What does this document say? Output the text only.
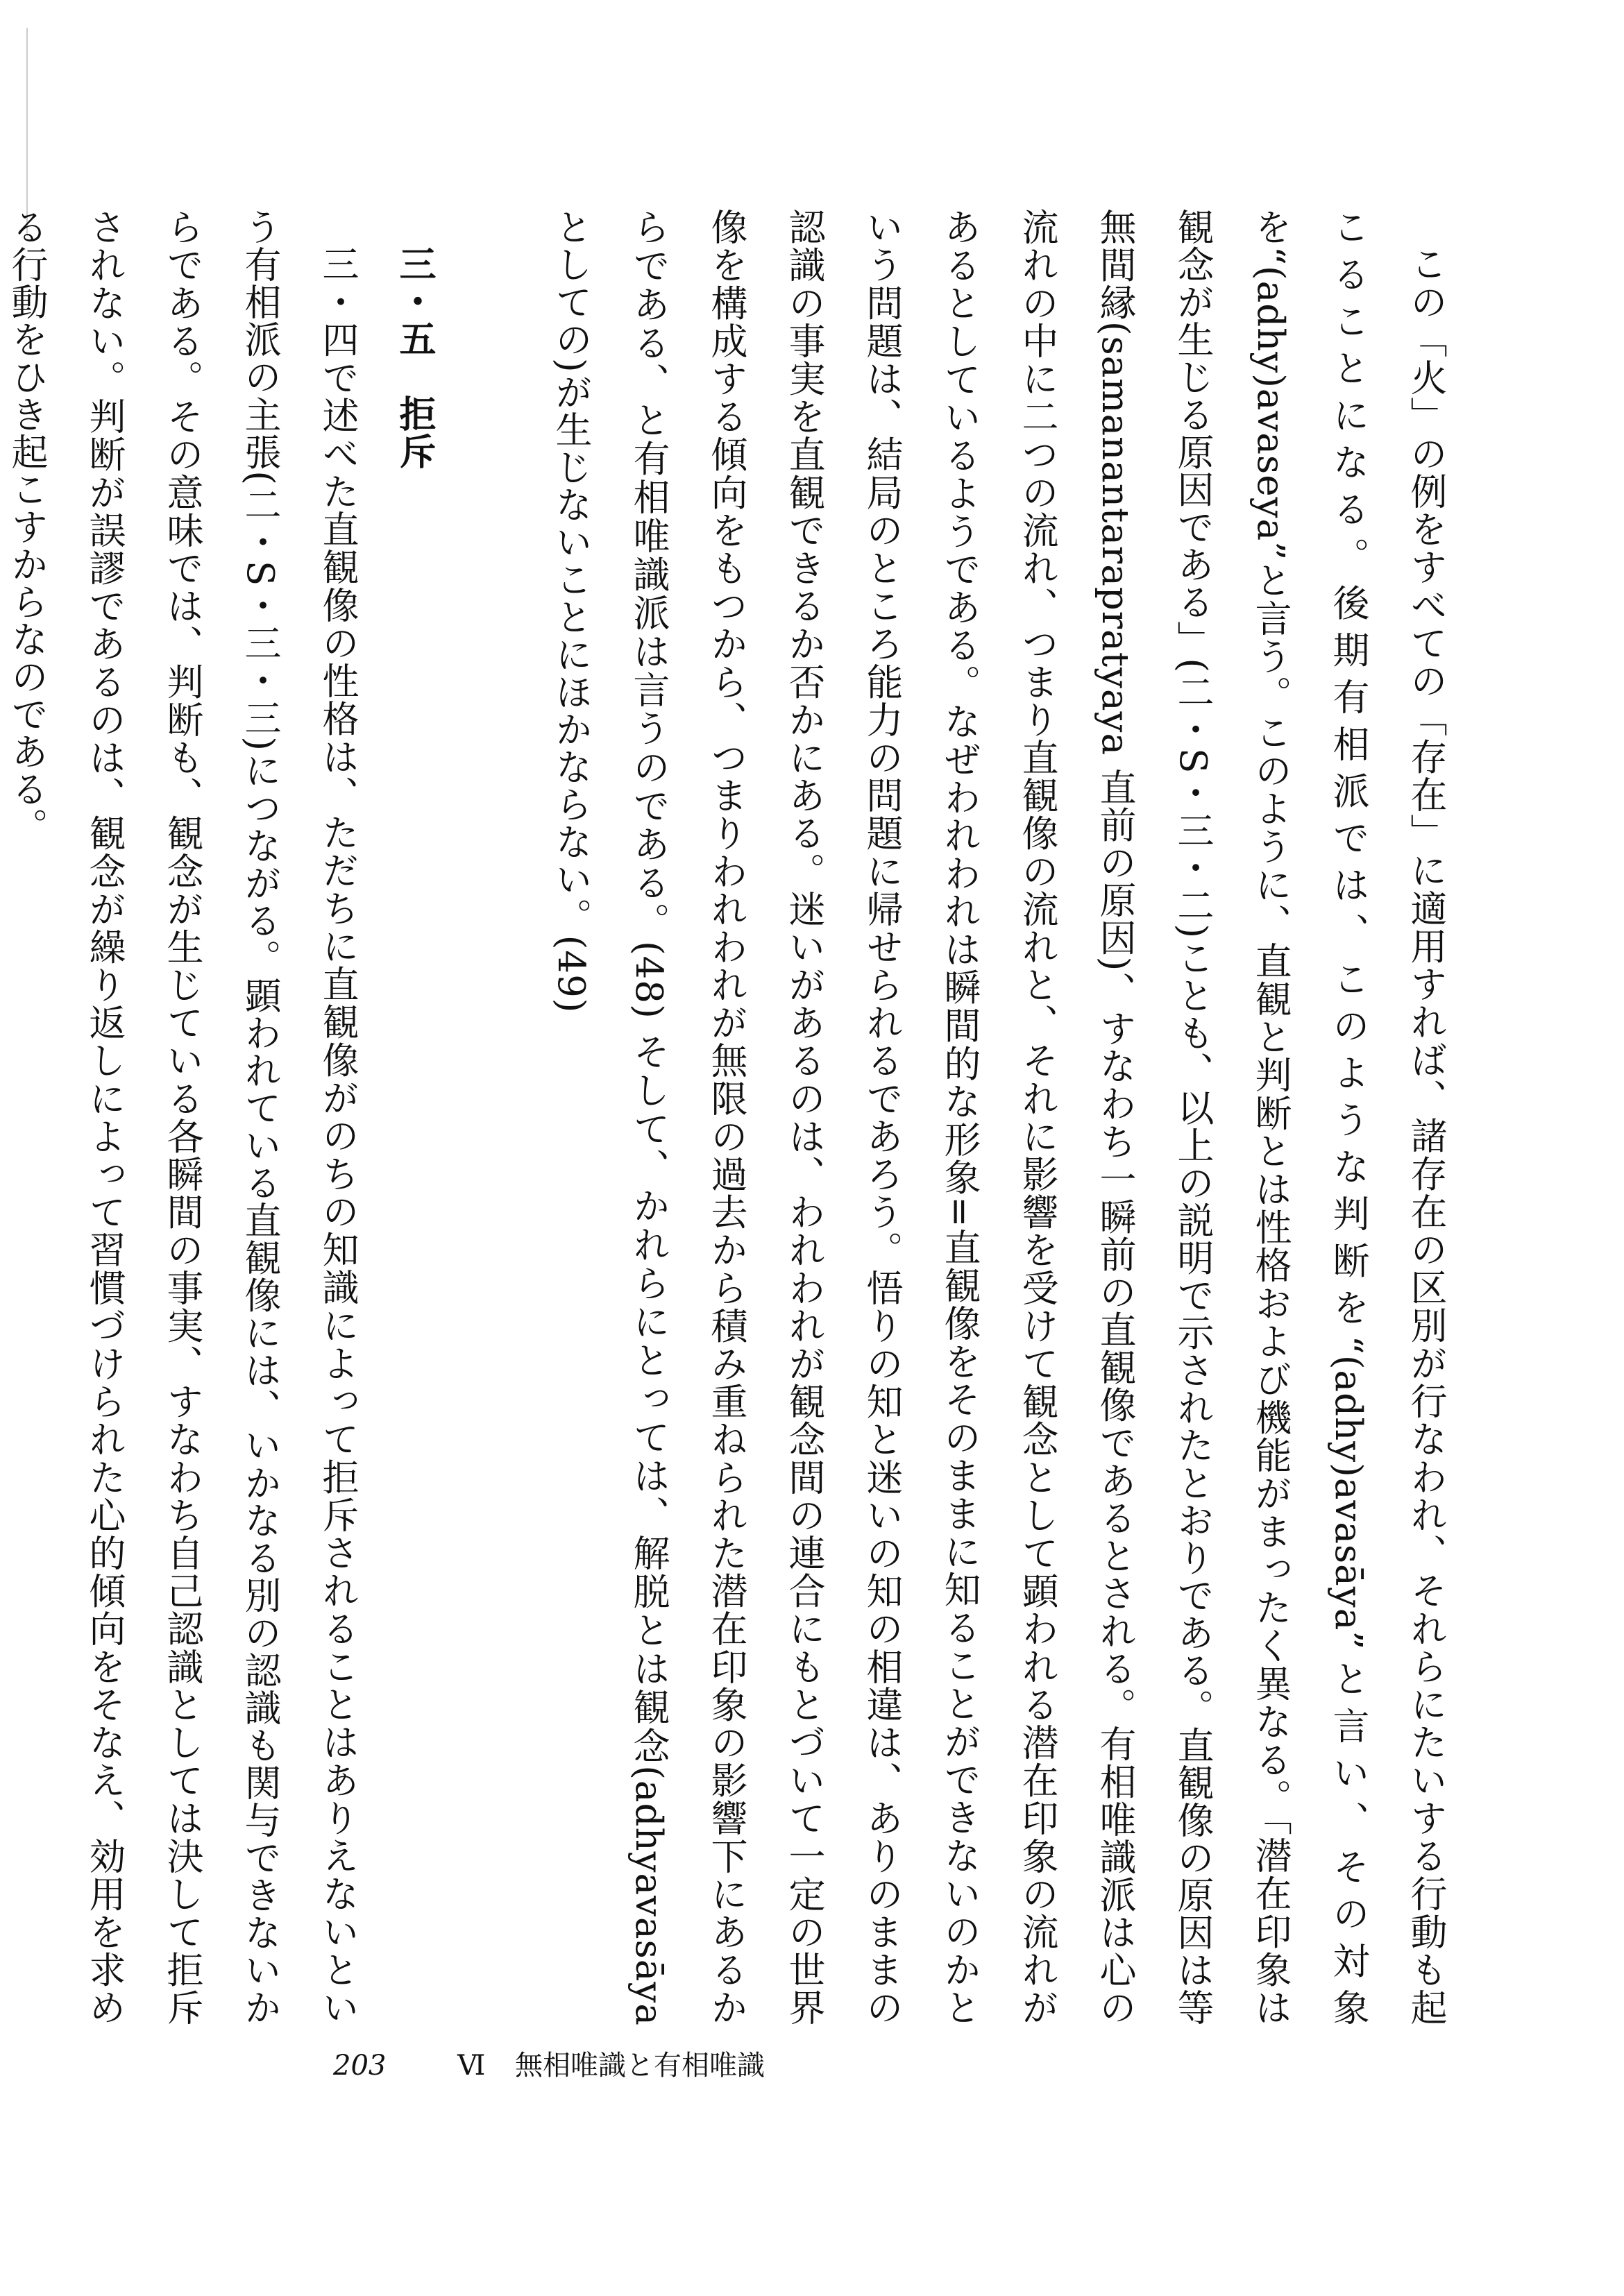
この「火」の例をすべての「存在」に適用すれば、諸存在の区別が行なわれ、それらにたいする行動も起こることになる。後期有相派では、このような判断を“(adhy)avasāya”と言い、その対象を“(adhy)avaseya”と言う。このように、直観と判断とは性格および機能がまったく異なる。「潜在印象は観念が生じる原因である」(二・S・三・二)ことも、以上の説明で示されたとおりである。直観像の原因は等無間縁(samanantarapratyaya 直前の原因)、すなわち一瞬前の直観像であるとされる。有相唯識派は心の流れの中に二つの流れ、つまり直観像の流れと、それに影響を受けて観念として顕われる潜在印象の流れがあるとしているようである。なぜわれわれは瞬間的な形象=直観像をそのままに知ることができないのかという問題は、結局のところ能力の問題に帰せられるであろう。悟りの知と迷いの知の相違は、ありのままの認識の事実を直観できるか否かにある。迷いがあるのは、われわれが観念間の連合にもとづいて一定の世界像を構成する傾向をもつから、つまりわれわれが無限の過去から積み重ねられた潜在印象の影響下にあるからである、と有相唯識派は言うのである。(48) そして、かれらにとっては、解脱とは観念(adhyavasāya としての)が生じないことにほかならない。(49)

三・五　拒斥

三・四で述べた直観像の性格は、ただちに直観像がのちの知識によって拒斥されることはありえないという有相派の主張(二・S・三・三)につながる。顕われている直観像には、いかなる別の認識も関与できないからである。その意味では、判断も、観念が生じている各瞬間の事実、すなわち自己認識としては決して拒斥されない。判断が誤謬であるのは、観念が繰り返しによって習慣づけられた心的傾向をそなえ、効用を求める行動をひき起こすからなのである。

203	Ⅵ 無相唯識と有相唯識
